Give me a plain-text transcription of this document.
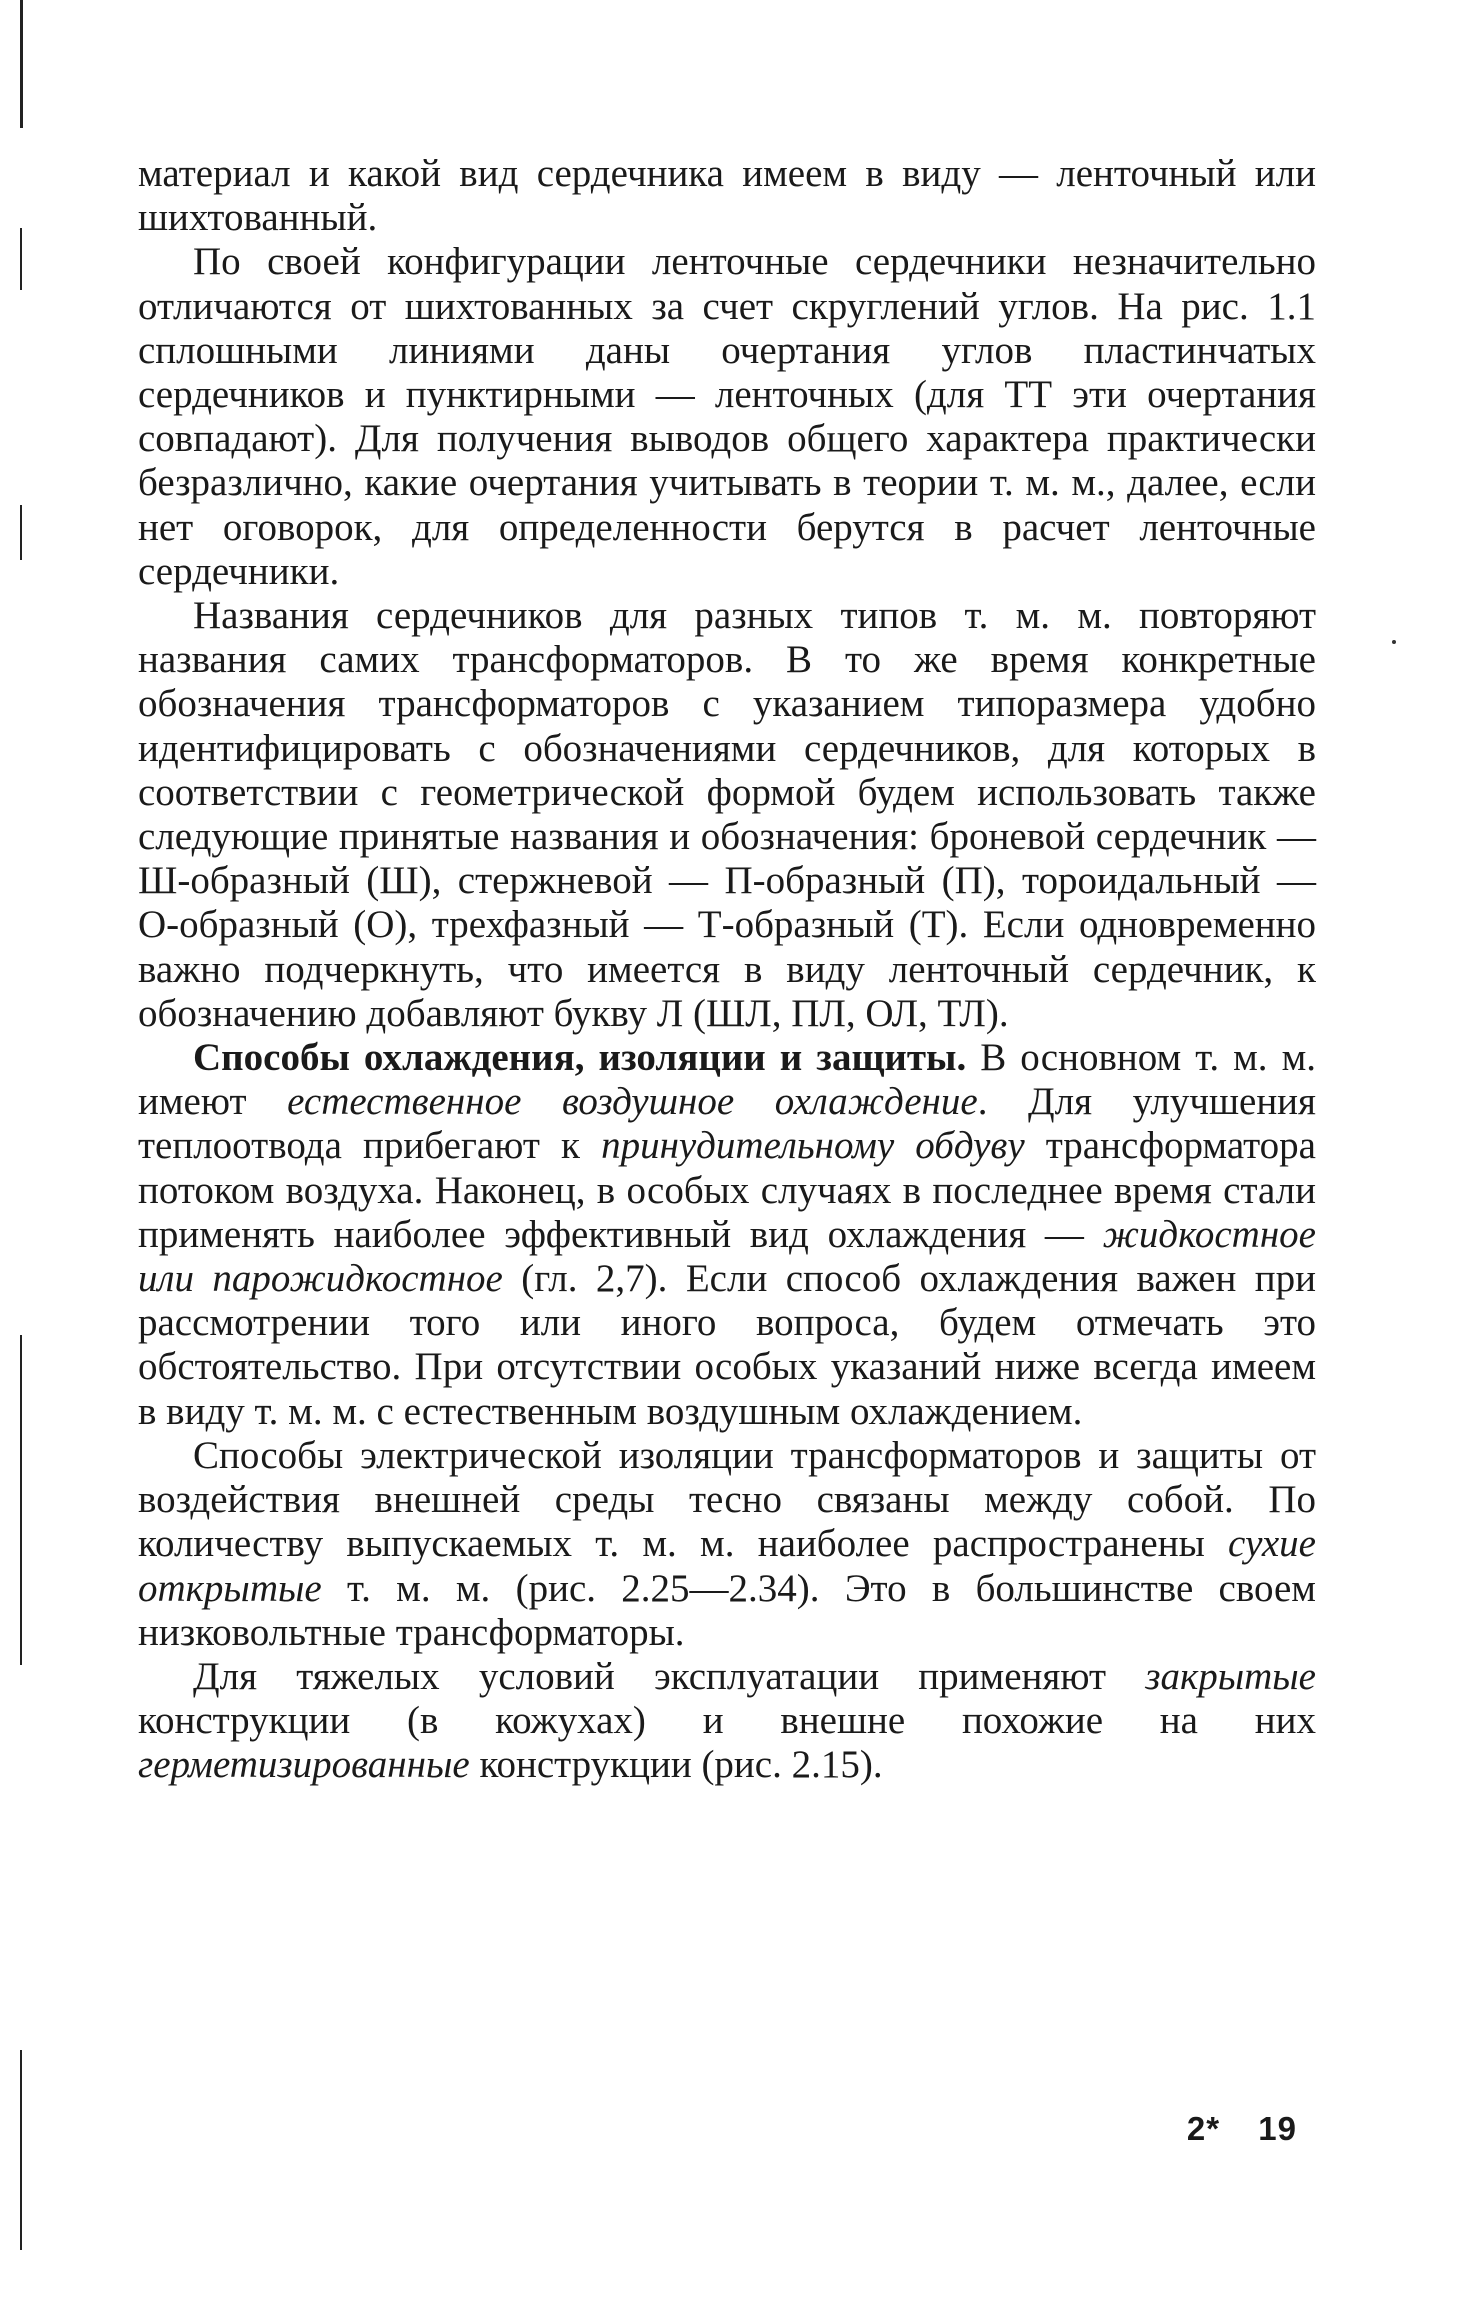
материал и какой вид сердечника имеем в виду — ленточный или шихтованный.

По своей конфигурации ленточные сердечники незначительно отличаются от шихтованных за счет скруглений углов. На рис. 1.1 сплошными линиями даны очертания углов пластинчатых сердечников и пунктирными — ленточных (для ТТ эти очертания совпадают). Для получения выводов общего характера практически безразлично, какие очертания учитывать в теории т. м. м., далее, если нет оговорок, для определенности берутся в расчет ленточные сердечники.

Названия сердечников для разных типов т. м. м. повторяют названия самих трансформаторов. В то же время конкретные обозначения трансформаторов с указанием типоразмера удобно идентифицировать с обозначениями сердечников, для которых в соответствии с геометрической формой будем использовать также следующие принятые названия и обозначения: броневой сердечник — Ш-образный (Ш), стержневой — П-образный (П), тороидальный — О-образный (О), трехфазный — Т-образный (Т). Если одновременно важно подчеркнуть, что имеется в виду ленточный сердечник, к обозначению добавляют букву Л (ШЛ, ПЛ, ОЛ, ТЛ).

Способы охлаждения, изоляции и защиты. В основном т. м. м. имеют естественное воздушное охлаждение. Для улучшения теплоотвода прибегают к принудительному обдуву трансформатора потоком воздуха. Наконец, в особых случаях в последнее время стали применять наиболее эффективный вид охлаждения — жидкостное или парожидкостное (гл. 2,7). Если способ охлаждения важен при рассмотрении того или иного вопроса, будем отмечать это обстоятельство. При отсутствии особых указаний ниже всегда имеем в виду т. м. м. с естественным воздушным охлаждением.

Способы электрической изоляции трансформаторов и защиты от воздействия внешней среды тесно связаны между собой. По количеству выпускаемых т. м. м. наиболее распространены сухие открытые т. м. м. (рис. 2.25—2.34). Это в большинстве своем низковольтные трансформаторы.

Для тяжелых условий эксплуатации применяют закрытые конструкции (в кожухах) и внешне похожие на них герметизированные конструкции (рис. 2.15).

2* 19
